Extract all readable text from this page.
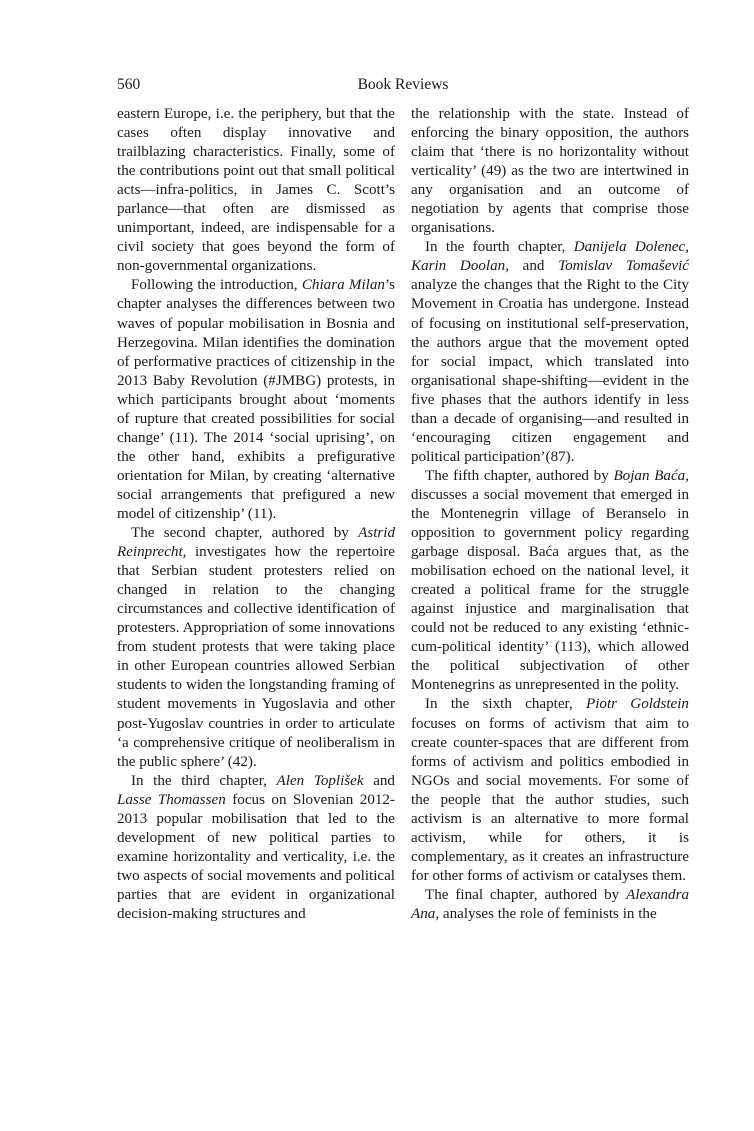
560	Book Reviews

eastern Europe, i.e. the periphery, but that the cases often display innovative and trailblazing characteristics. Finally, some of the contributions point out that small political acts—infra-politics, in James C. Scott’s parlance—that often are dismissed as unimportant, indeed, are indispensable for a civil society that goes beyond the form of non-governmental organizations.

Following the introduction, Chiara Milan’s chapter analyses the differences between two waves of popular mobilisation in Bosnia and Herzegovina. Milan identifies the domination of performative practices of citizenship in the 2013 Baby Revolution (#JMBG) protests, in which participants brought about ‘moments of rupture that created possibilities for social change’ (11). The 2014 ‘social uprising’, on the other hand, exhibits a prefigurative orientation for Milan, by creating ‘alternative social arrangements that prefigured a new model of citizenship’ (11).

The second chapter, authored by Astrid Reinprecht, investigates how the repertoire that Serbian student protesters relied on changed in relation to the changing circumstances and collective identification of protesters. Appropriation of some innovations from student protests that were taking place in other European countries allowed Serbian students to widen the longstanding framing of student movements in Yugoslavia and other post-Yugoslav countries in order to articulate ‘a comprehensive critique of neoliberalism in the public sphere’ (42).

In the third chapter, Alen Toplišek and Lasse Thomassen focus on Slovenian 2012-2013 popular mobilisation that led to the development of new political parties to examine horizontality and verticality, i.e. the two aspects of social movements and political parties that are evident in organizational decision-making structures and

the relationship with the state. Instead of enforcing the binary opposition, the authors claim that ‘there is no horizontality without verticality’ (49) as the two are intertwined in any organisation and an outcome of negotiation by agents that comprise those organisations.

In the fourth chapter, Danijela Dolenec, Karin Doolan, and Tomislav Tomašević analyze the changes that the Right to the City Movement in Croatia has undergone. Instead of focusing on institutional self-preservation, the authors argue that the movement opted for social impact, which translated into organisational shape-shifting—evident in the five phases that the authors identify in less than a decade of organising—and resulted in ‘encouraging citizen engagement and political participation’(87).

The fifth chapter, authored by Bojan Baća, discusses a social movement that emerged in the Montenegrin village of Beranselo in opposition to government policy regarding garbage disposal. Baća argues that, as the mobilisation echoed on the national level, it created a political frame for the struggle against injustice and marginalisation that could not be reduced to any existing ‘ethnic-cum-political identity’ (113), which allowed the political subjectivation of other Montenegrins as unrepresented in the polity.

In the sixth chapter, Piotr Goldstein focuses on forms of activism that aim to create counter-spaces that are different from forms of activism and politics embodied in NGOs and social movements. For some of the people that the author studies, such activism is an alternative to more formal activism, while for others, it is complementary, as it creates an infrastructure for other forms of activism or catalyses them.

The final chapter, authored by Alexandra Ana, analyses the role of feminists in the
